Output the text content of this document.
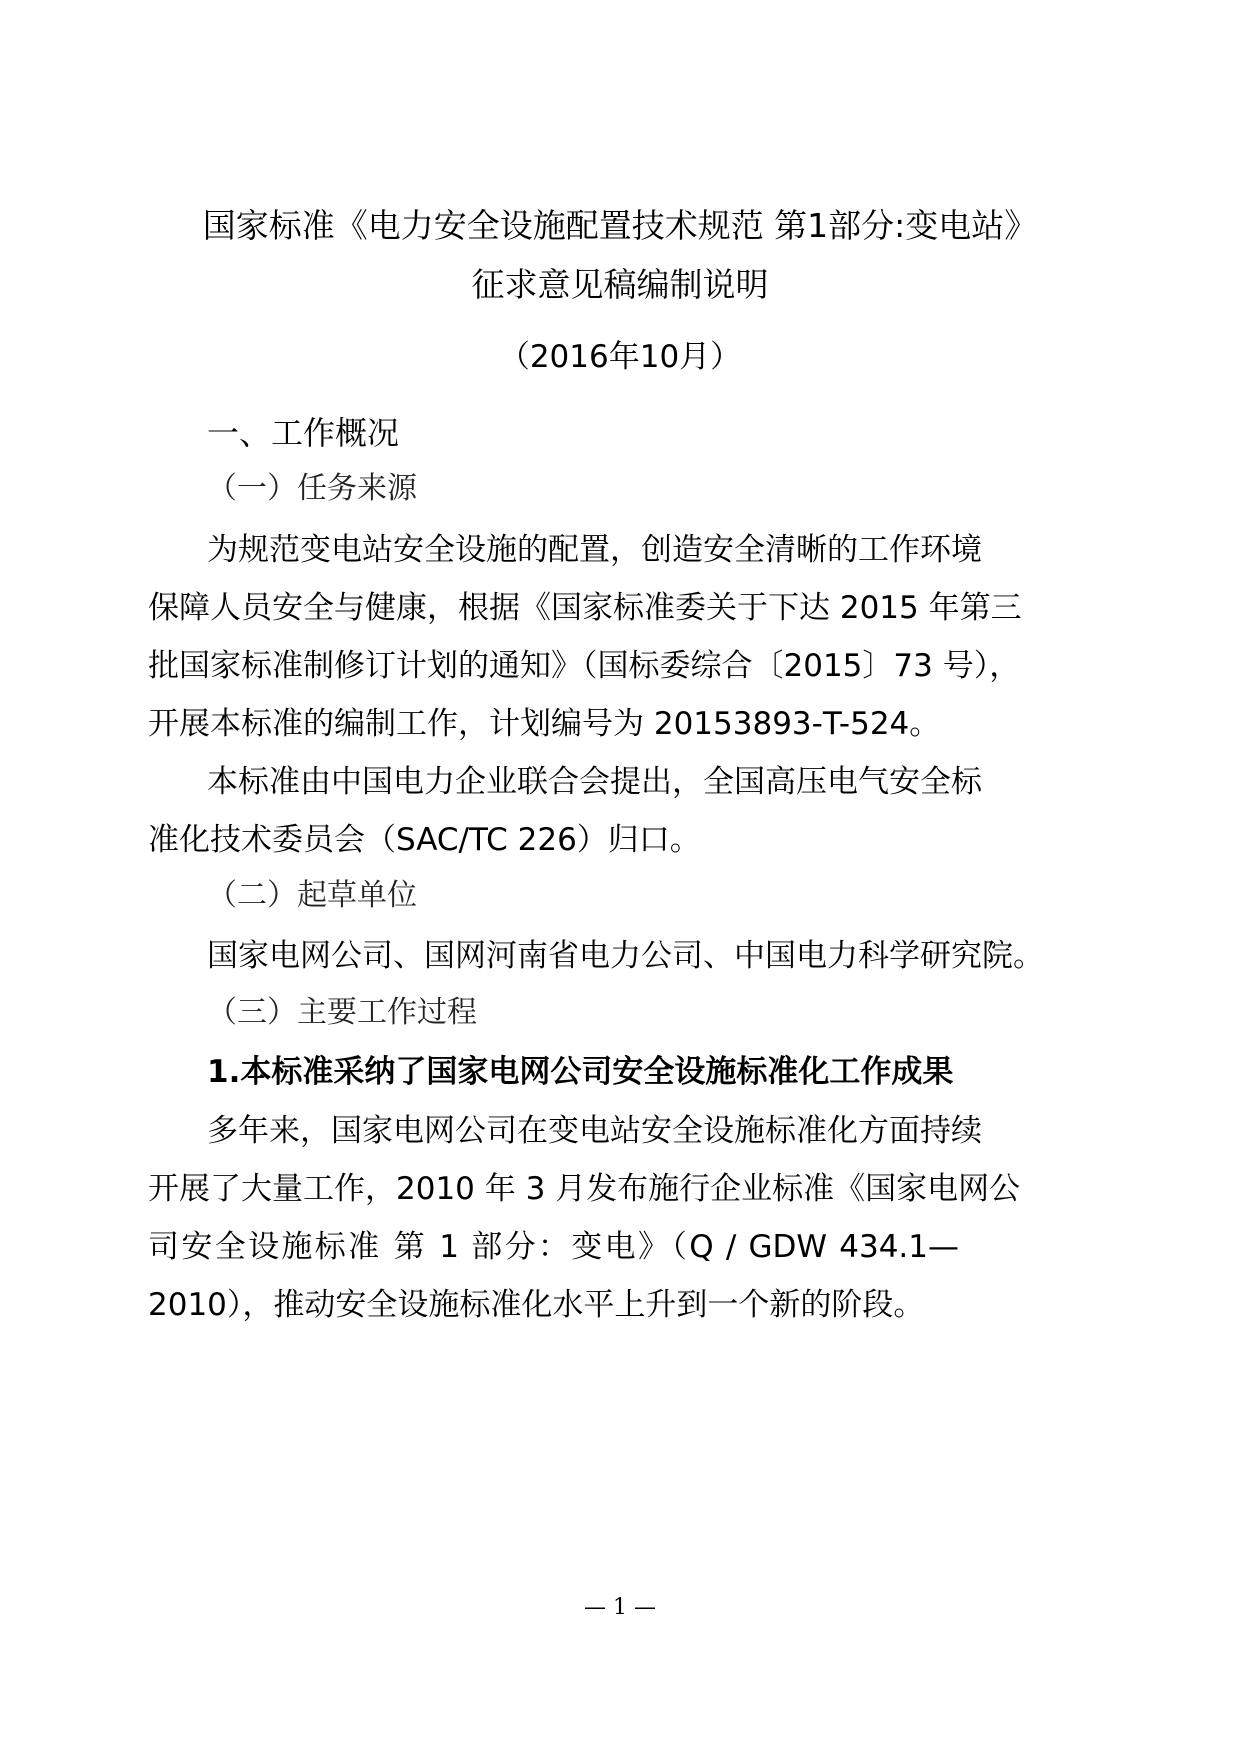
国家标准《电力安全设施配置技术规范 第1部分:变电站》
征求意见稿编制说明
（2016年10月）
一、工作概况
（一）任务来源
为规范变电站安全设施的配置，创造安全清晰的工作环境
保障人员安全与健康，根据《国家标准委关于下达 2015 年第三
批国家标准制修订计划的通知》（国标委综合〔2015〕73 号），
开展本标准的编制工作，计划编号为 20153893-T-524。
本标准由中国电力企业联合会提出，全国高压电气安全标
准化技术委员会（SAC/TC 226）归口。
（二）起草单位
国家电网公司、国网河南省电力公司、中国电力科学研究院。
（三）主要工作过程
1.本标准采纳了国家电网公司安全设施标准化工作成果
多年来，国家电网公司在变电站安全设施标准化方面持续
开展了大量工作，2010 年 3 月发布施行企业标准《国家电网公
司安全设施标准 第 1 部分：变电》（Q / GDW 434.1—
2010），推动安全设施标准化水平上升到一个新的阶段。
— 1 —
